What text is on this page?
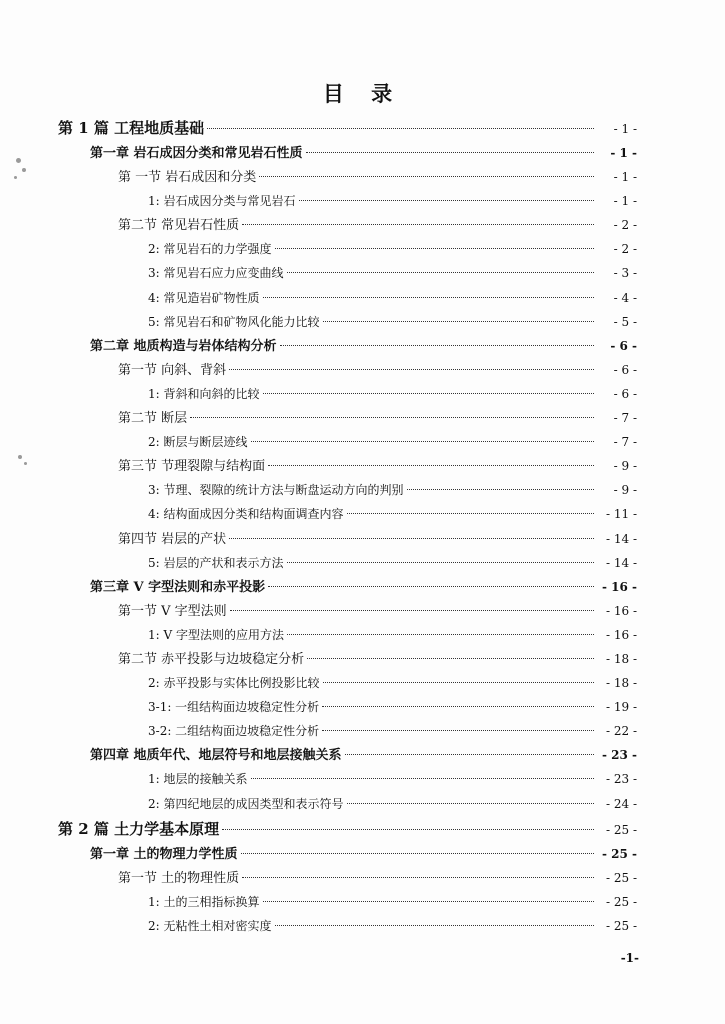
目 录
第 1 篇 工程地质基础	- 1 -
第一章 岩石成因分类和常见岩石性质	- 1 -
第 一节 岩石成因和分类	- 1 -
1: 岩石成因分类与常见岩石	- 1 -
第二节 常见岩石性质	- 2 -
2: 常见岩石的力学强度	- 2 -
3: 常见岩石应力应变曲线	- 3 -
4: 常见造岩矿物性质	- 4 -
5: 常见岩石和矿物风化能力比较	- 5 -
第二章 地质构造与岩体结构分析	- 6 -
第一节 向斜、背斜	- 6 -
1: 背斜和向斜的比较	- 6 -
第二节 断层	- 7 -
2: 断层与断层迹线	- 7 -
第三节 节理裂隙与结构面	- 9 -
3: 节理、裂隙的统计方法与断盘运动方向的判别	- 9 -
4: 结构面成因分类和结构面调查内容	- 11 -
第四节 岩层的产状	- 14 -
5: 岩层的产状和表示方法	- 14 -
第三章 V 字型法则和赤平投影	- 16 -
第一节 V 字型法则	- 16 -
1: V 字型法则的应用方法	- 16 -
第二节 赤平投影与边坡稳定分析	- 18 -
2: 赤平投影与实体比例投影比较	- 18 -
3-1: 一组结构面边坡稳定性分析	- 19 -
3-2: 二组结构面边坡稳定性分析	- 22 -
第四章 地质年代、地层符号和地层接触关系	- 23 -
1: 地层的接触关系	- 23 -
2: 第四纪地层的成因类型和表示符号	- 24 -
第 2 篇 土力学基本原理	- 25 -
第一章 土的物理力学性质	- 25 -
第一节 土的物理性质	- 25 -
1: 土的三相指标换算	- 25 -
2: 无粘性土相对密实度	- 25 -
-1-
